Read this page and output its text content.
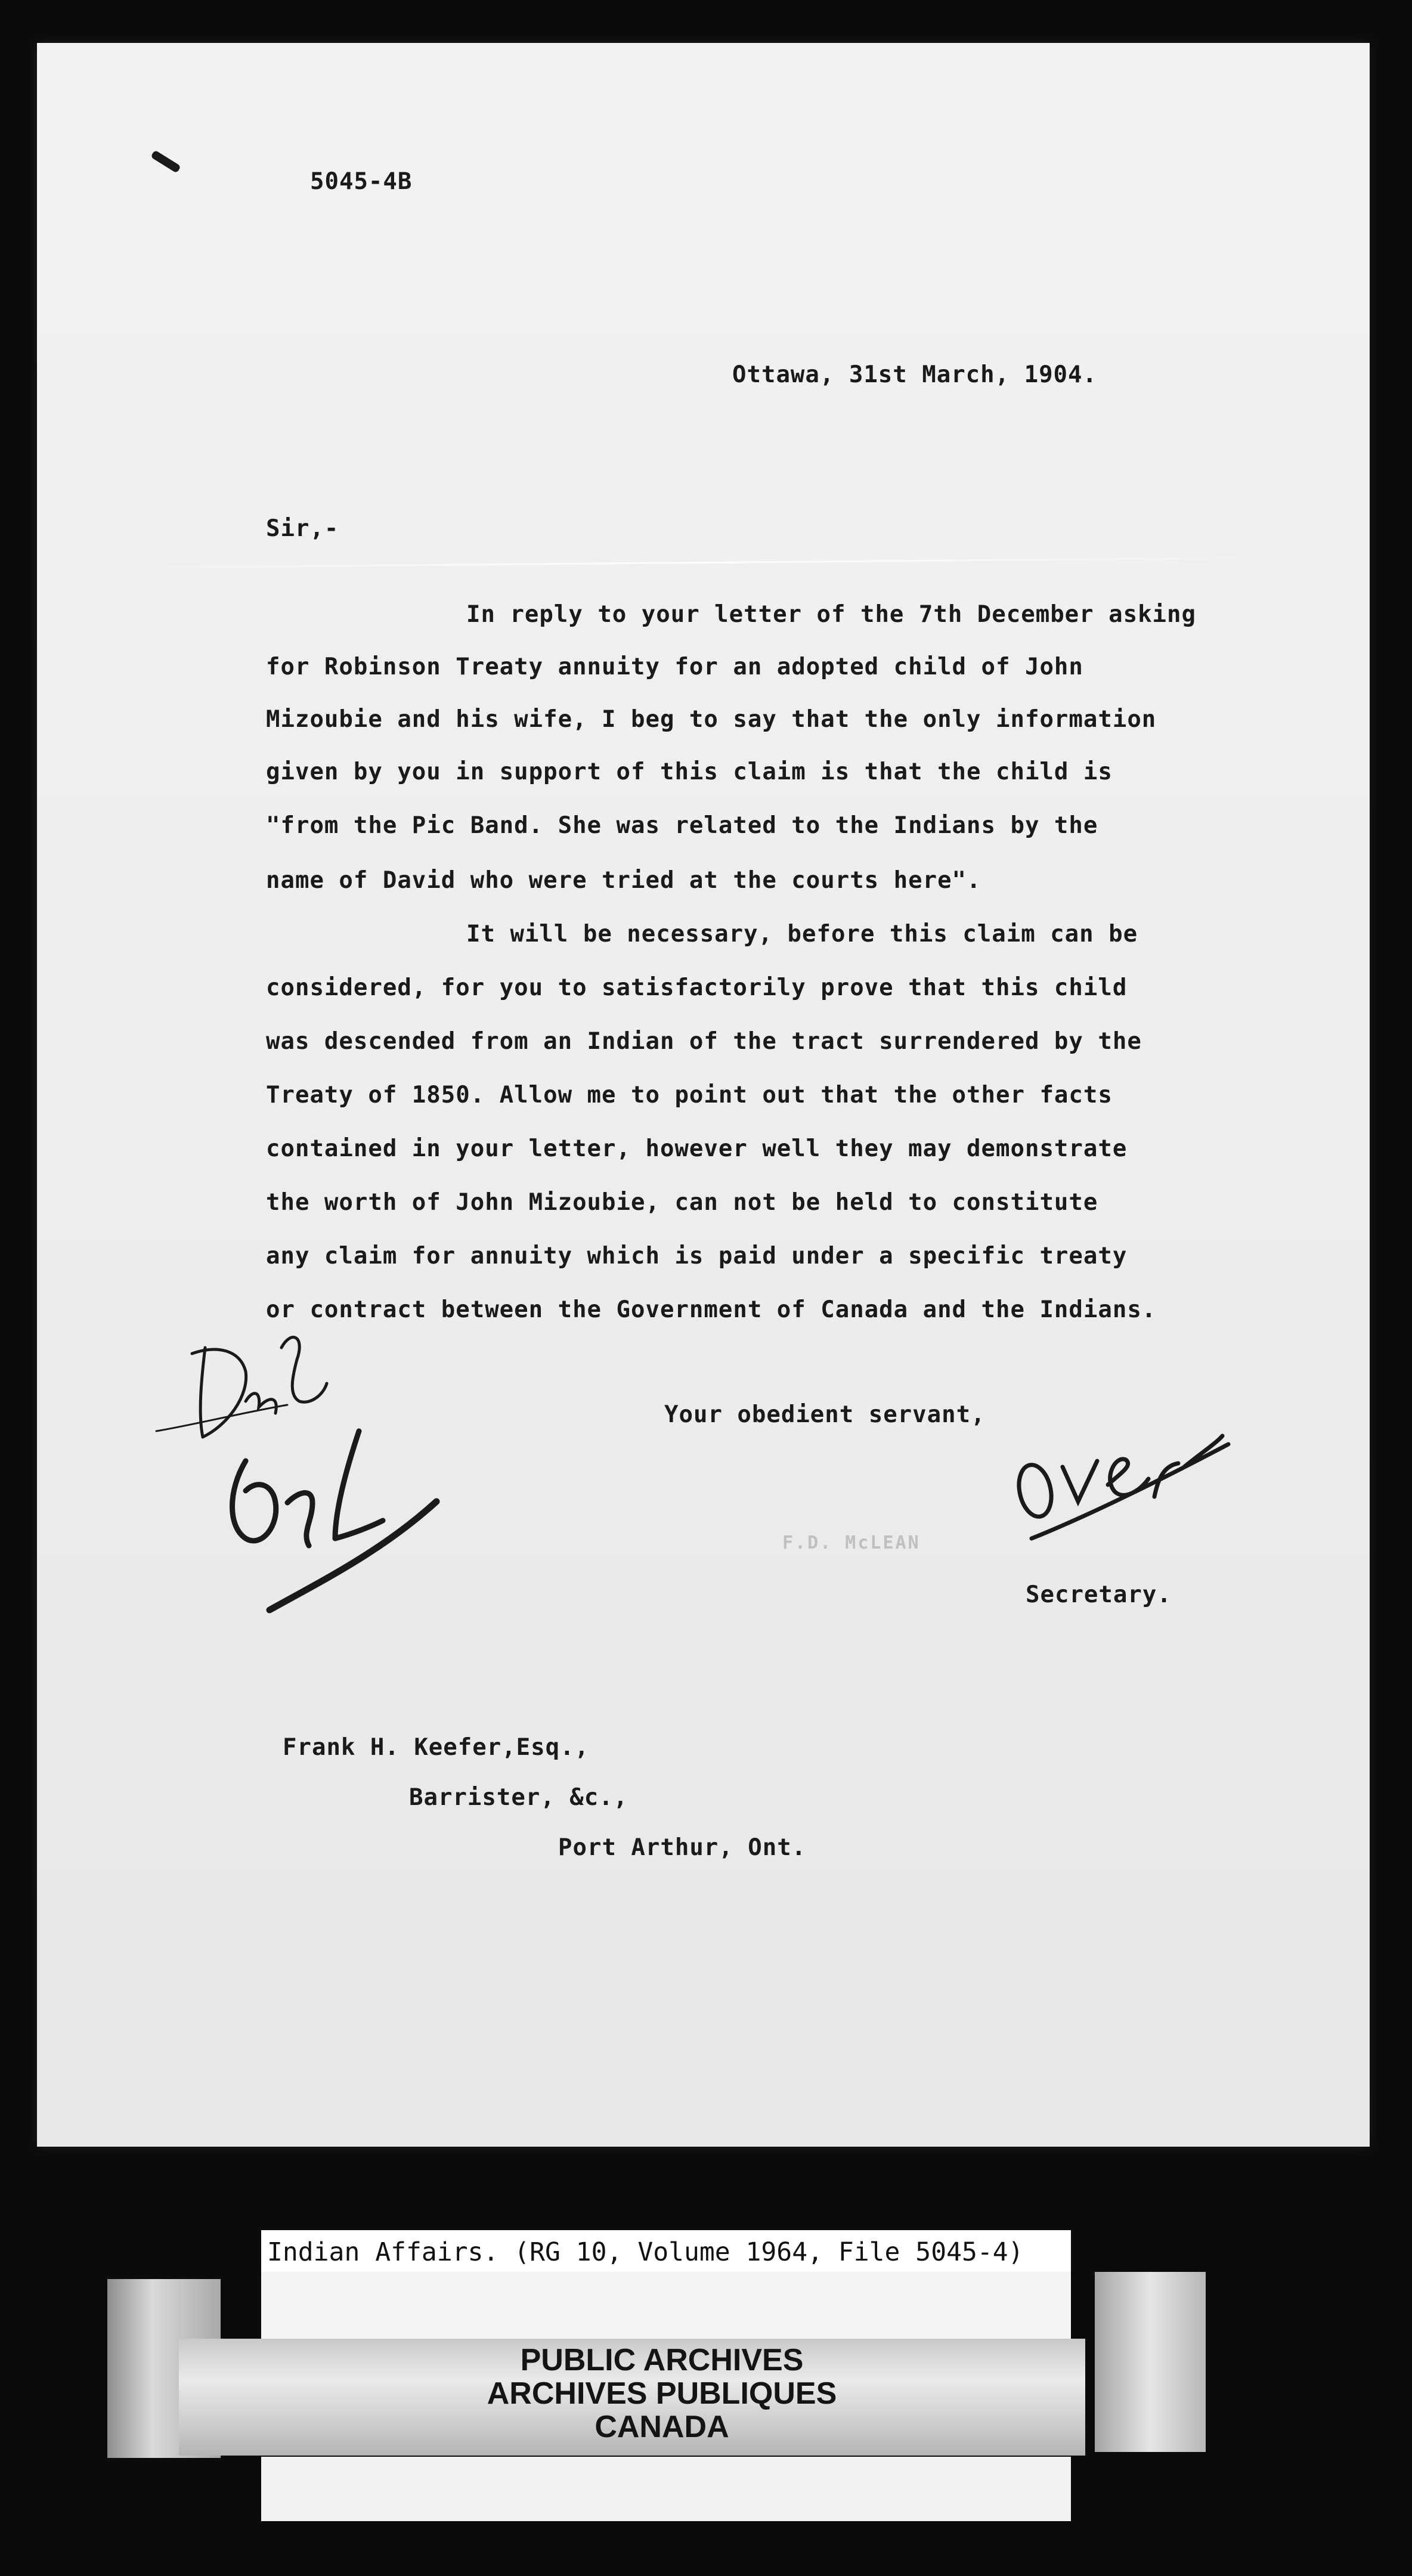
5045-4B
Ottawa, 31st March, 1904.
Sir,-
In reply to your letter of the 7th December asking
for Robinson Treaty annuity for an adopted child of John
Mizoubie and his wife, I beg to say that the only information
given by you in support of this claim is that the child is
"from the Pic Band. She was related to the Indians by the
name of David who were tried at the courts here".
It will be necessary, before this claim can be
considered, for you to satisfactorily prove that this child
was descended from an Indian of the tract surrendered by the
Treaty of 1850. Allow me to point out that the other facts
contained in your letter, however well they may demonstrate
the worth of John Mizoubie, can not be held to constitute
any claim for annuity which is paid under a specific treaty
or contract between the Government of Canada and the Indians.
Your obedient servant,
F.D. McLEAN
Secretary.
Frank H. Keefer,Esq.,
Barrister, &c.,
Port Arthur, Ont.
Indian Affairs. (RG 10, Volume 1964, File 5045-4)
PUBLIC ARCHIVES
ARCHIVES PUBLIQUES
CANADA
